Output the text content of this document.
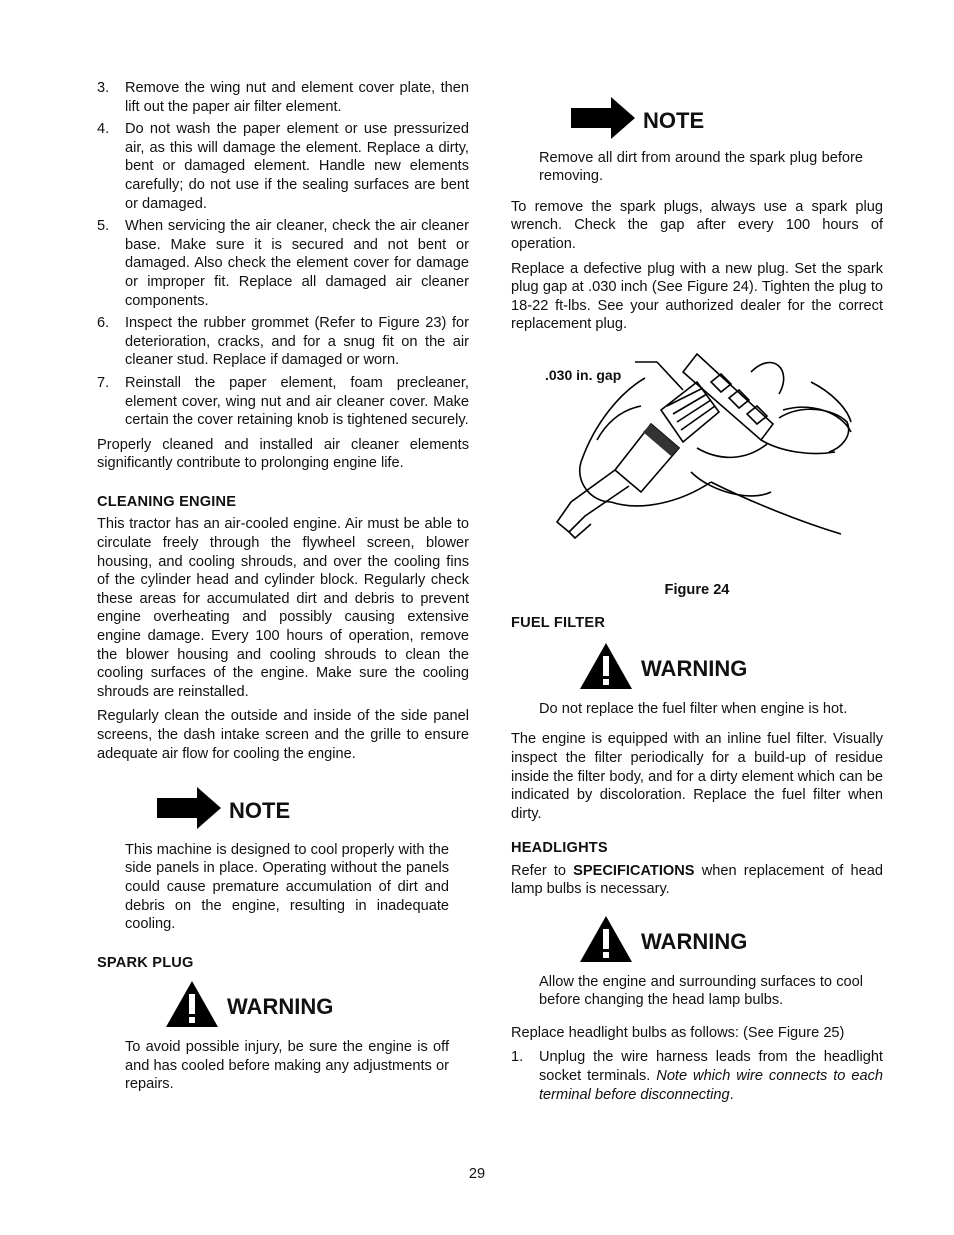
3.	Remove the wing nut and element cover plate, then lift out the paper air filter element.
4.	Do not wash the paper element or use pressurized air, as this will damage the element. Replace a dirty, bent or damaged element. Handle new elements carefully; do not use if the sealing surfaces are bent or damaged.
5.	When servicing the air cleaner, check the air cleaner base. Make sure it is secured and not bent or damaged. Also check the element cover for damage or improper fit. Replace all damaged air cleaner components.
6.	Inspect the rubber grommet (Refer to Figure 23) for deterioration, cracks, and for a snug fit on the air cleaner stud. Replace if damaged or worn.
7.	Reinstall the paper element, foam precleaner, element cover, wing nut and air cleaner cover. Make certain the cover retaining knob is tightened securely.

Properly cleaned and installed air cleaner elements significantly contribute to prolonging engine life.

CLEANING ENGINE

This tractor has an air-cooled engine. Air must be able to circulate freely through the flywheel screen, blower housing, and cooling shrouds, and over the cooling fins of the cylinder head and cylinder block. Regularly check these areas for accumulated dirt and debris to prevent engine overheating and possibly causing extensive engine damage. Every 100 hours of operation, remove the blower housing and cooling shrouds to clean the cooling surfaces of the engine. Make sure the cooling shrouds are reinstalled.

Regularly clean the outside and inside of the side panel screens, the dash intake screen and the grille to ensure adequate air flow for cooling the engine.

NOTE

This machine is designed to cool properly with the side panels in place. Operating without the panels could cause premature accumulation of dirt and debris on the engine, resulting in inadequate cooling.

SPARK PLUG
WARNING

To avoid possible injury, be sure the engine is off and has cooled before making any adjustments or repairs.

NOTE

Remove all dirt from around the spark plug before removing.

To remove the spark plugs, always use a spark plug wrench. Check the gap after every 100 hours of operation.

Replace a defective plug with a new plug. Set the spark plug gap at .030 inch (See Figure 24). Tighten the plug to 18-22 ft-lbs. See your authorized dealer for the correct replacement plug.

.030 in. gap
Figure 24
FUEL FILTER
WARNING

Do not replace the fuel filter when engine is hot.

The engine is equipped with an inline fuel filter. Visually inspect the filter periodically for a build-up of residue inside the filter body, and for a dirty element which can be indicated by discoloration. Replace the fuel filter when dirty.

HEADLIGHTS

Refer to SPECIFICATIONS when replacement of head lamp bulbs is necessary.

WARNING

Allow the engine and surrounding surfaces to cool before changing the head lamp bulbs.

Replace headlight bulbs as follows: (See Figure 25)

1.	Unplug the wire harness leads from the headlight socket terminals. Note which wire connects to each terminal before disconnecting.
29
